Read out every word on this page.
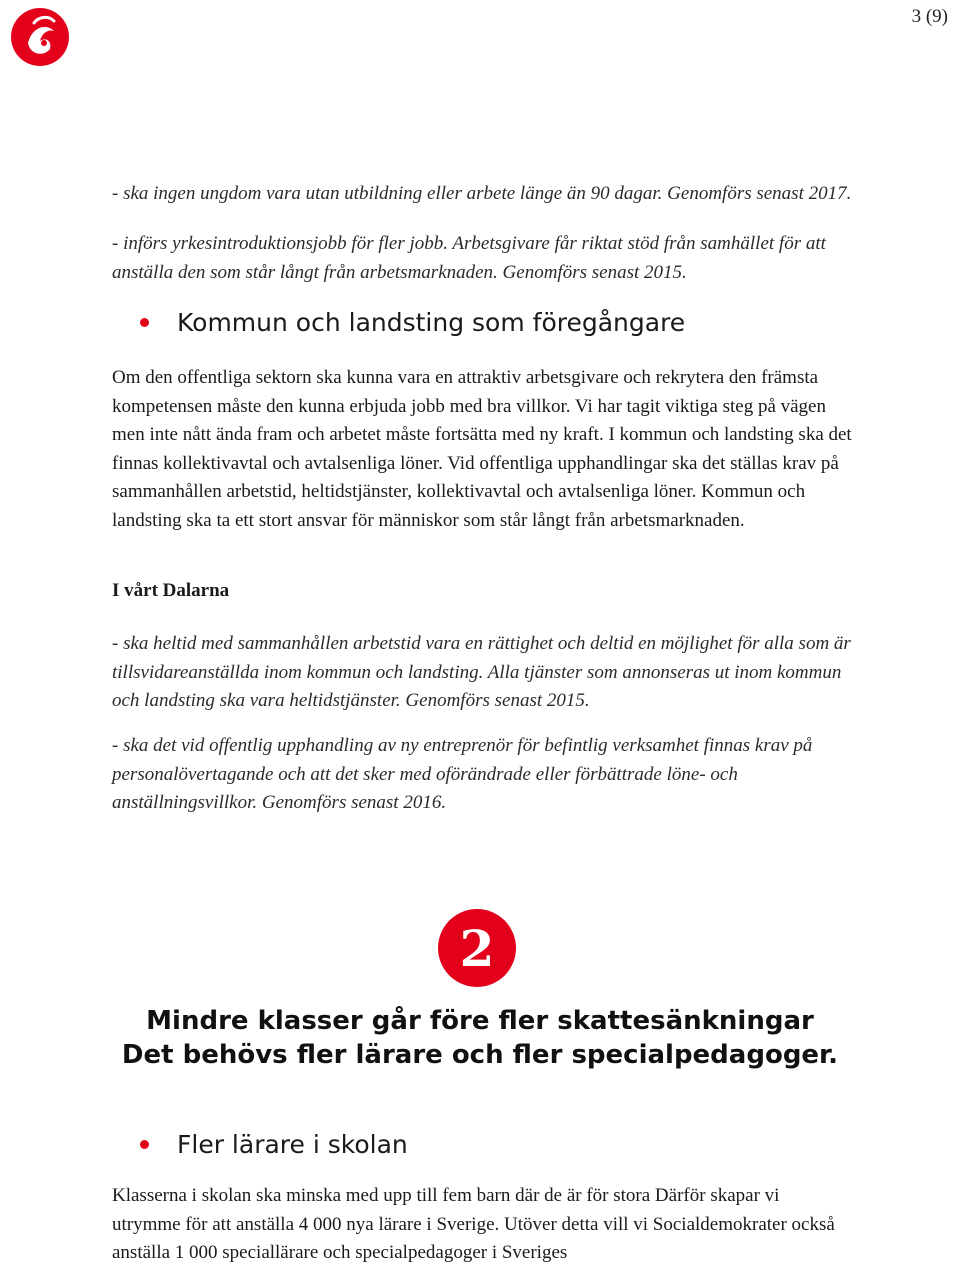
3 (9)

- ska ingen ungdom vara utan utbildning eller arbete länge än 90 dagar. Genomförs senast 2017.

- införs yrkesintroduktionsjobb för fler jobb. Arbetsgivare får riktat stöd från samhället för att anställa den som står långt från arbetsmarknaden. Genomförs senast 2015.

Kommun och landsting som föregångare

Om den offentliga sektorn ska kunna vara en attraktiv arbetsgivare och rekrytera den främsta kompetensen måste den kunna erbjuda jobb med bra villkor. Vi har tagit viktiga steg på vägen men inte nått ända fram och arbetet måste fortsätta med ny kraft. I kommun och landsting ska det finnas kollektivavtal och avtalsenliga löner. Vid offentliga upphandlingar ska det ställas krav på sammanhållen arbetstid, heltidstjänster, kollektivavtal och avtalsenliga löner. Kommun och landsting ska ta ett stort ansvar för människor som står långt från arbetsmarknaden.

I vårt Dalarna

- ska heltid med sammanhållen arbetstid vara en rättighet och deltid en möjlighet för alla som är tillsvidareanställda inom kommun och landsting. Alla tjänster som annonseras ut inom kommun och landsting ska vara heltidstjänster. Genomförs senast 2015.

- ska det vid offentlig upphandling av ny entreprenör för befintlig verksamhet finnas krav på personalövertagande och att det sker med oförändrade eller förbättrade löne- och anställningsvillkor. Genomförs senast 2016.

2
Mindre klasser går före fler skattesänkningar
Det behövs fler lärare och fler specialpedagoger.
Fler lärare i skolan

Klasserna i skolan ska minska med upp till fem barn där de är för stora Därför skapar vi utrymme för att anställa 4 000 nya lärare i Sverige. Utöver detta vill vi Socialdemokrater också anställa 1 000 speciallärare och specialpedagoger i Sveriges
